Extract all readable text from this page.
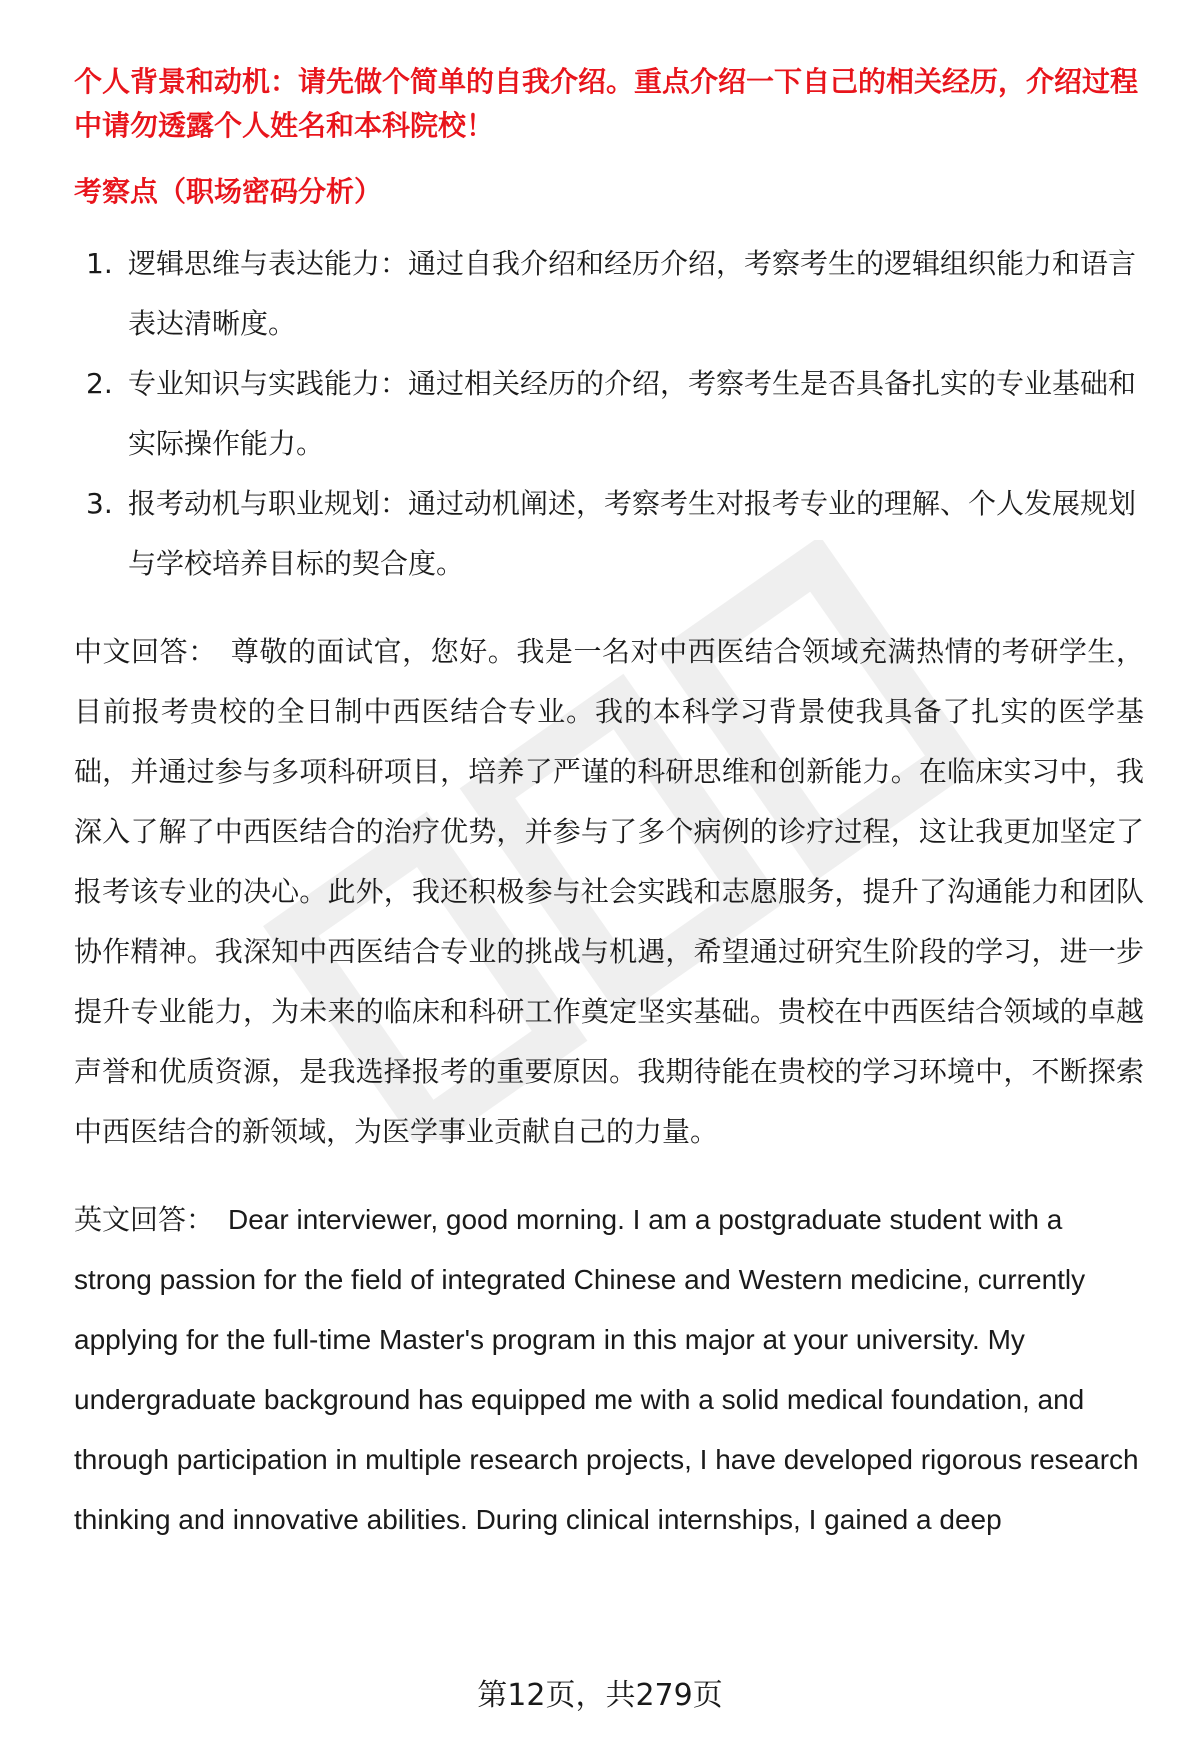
个人背景和动机：请先做个简单的自我介绍。重点介绍一下自己的相关经历，介绍过程中请勿透露个人姓名和本科院校！

考察点（职场密码分析）

1. 逻辑思维与表达能力：通过自我介绍和经历介绍，考察考生的逻辑组织能力和语言表达清晰度。
2. 专业知识与实践能力：通过相关经历的介绍，考察考生是否具备扎实的专业基础和实际操作能力。
3. 报考动机与职业规划：通过动机阐述，考察考生对报考专业的理解、个人发展规划与学校培养目标的契合度。

中文回答： 尊敬的面试官，您好。我是一名对中西医结合领域充满热情的考研学生，目前报考贵校的全日制中西医结合专业。我的本科学习背景使我具备了扎实的医学基础，并通过参与多项科研项目，培养了严谨的科研思维和创新能力。在临床实习中，我深入了解了中西医结合的治疗优势，并参与了多个病例的诊疗过程，这让我更加坚定了报考该专业的决心。此外，我还积极参与社会实践和志愿服务，提升了沟通能力和团队协作精神。我深知中西医结合专业的挑战与机遇，希望通过研究生阶段的学习，进一步提升专业能力，为未来的临床和科研工作奠定坚实基础。贵校在中西医结合领域的卓越声誉和优质资源，是我选择报考的重要原因。我期待能在贵校的学习环境中，不断探索中西医结合的新领域，为医学事业贡献自己的力量。

英文回答： Dear interviewer, good morning. I am a postgraduate student with a strong passion for the field of integrated Chinese and Western medicine, currently applying for the full-time Master's program in this major at your university. My undergraduate background has equipped me with a solid medical foundation, and through participation in multiple research projects, I have developed rigorous research thinking and innovative abilities. During clinical internships, I gained a deep

第12页，共279页
